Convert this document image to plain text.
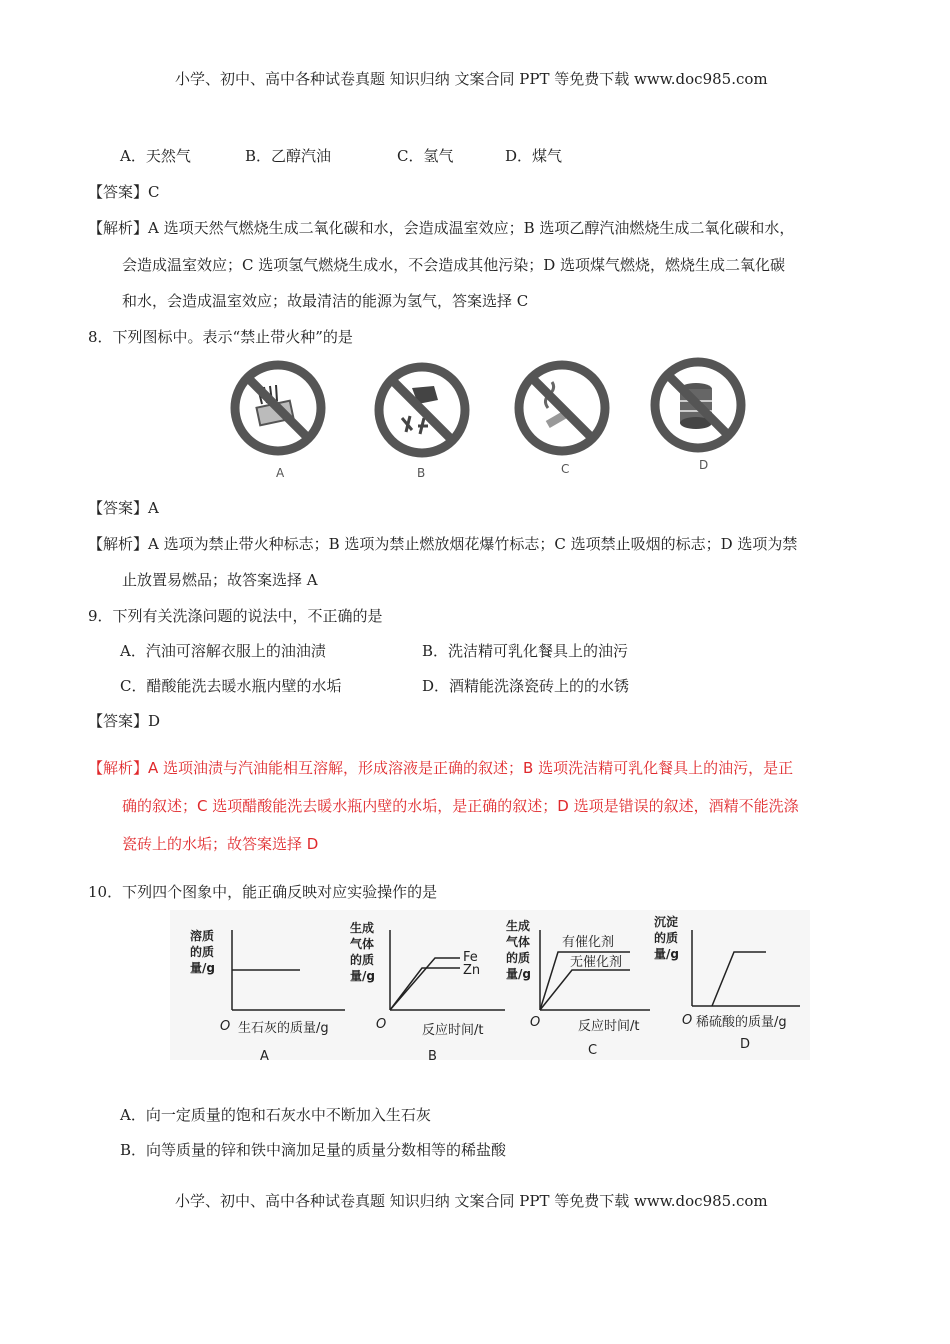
小学、初中、高中各种试卷真题 知识归纳 文案合同 PPT 等免费下载 www.doc985.com
A．天然气	B．乙醇汽油	C．氢气	D．煤气
【答案】C
【解析】A 选项天然气燃烧生成二氧化碳和水，会造成温室效应；B 选项乙醇汽油燃烧生成二氧化碳和水，
会造成温室效应；C 选项氢气燃烧生成水，不会造成其他污染；D 选项煤气燃烧，燃烧生成二氧化碳
和水，会造成温室效应；故最清洁的能源为氢气，答案选择 C
8．下列图标中。表示“禁止带火种”的是
A	B	C	D
【答案】A
【解析】A 选项为禁止带火种标志；B 选项为禁止燃放烟花爆竹标志；C 选项禁止吸烟的标志；D 选项为禁
止放置易燃品；故答案选择 A
9．下列有关洗涤问题的说法中，不正确的是
A．汽油可溶解衣服上的油油渍	B．洗洁精可乳化餐具上的油污
C．醋酸能洗去暖水瓶内壁的水垢	D．酒精能洗涤瓷砖上的的水锈
【答案】D
【解析】A 选项油渍与汽油能相互溶解，形成溶液是正确的叙述；B 选项洗洁精可乳化餐具上的油污，是正
确的叙述；C 选项醋酸能洗去暖水瓶内壁的水垢，是正确的叙述；D 选项是错误的叙述，酒精不能洗涤
瓷砖上的水垢；故答案选择 D
10．下列四个图象中，能正确反映对应实验操作的是
溶质
的质
量/g
O 生石灰的质量/g
A
生成
气体
的质
量/g
Fe
Zn
O	反应时间/t
B
生成
气体
的质
量/g
有催化剂
无催化剂
O	反应时间/t
C
沉淀
的质
量/g
O 稀硫酸的质量/g
D
A．向一定质量的饱和石灰水中不断加入生石灰
B．向等质量的锌和铁中滴加足量的质量分数相等的稀盐酸
小学、初中、高中各种试卷真题 知识归纳 文案合同 PPT 等免费下载 www.doc985.com
